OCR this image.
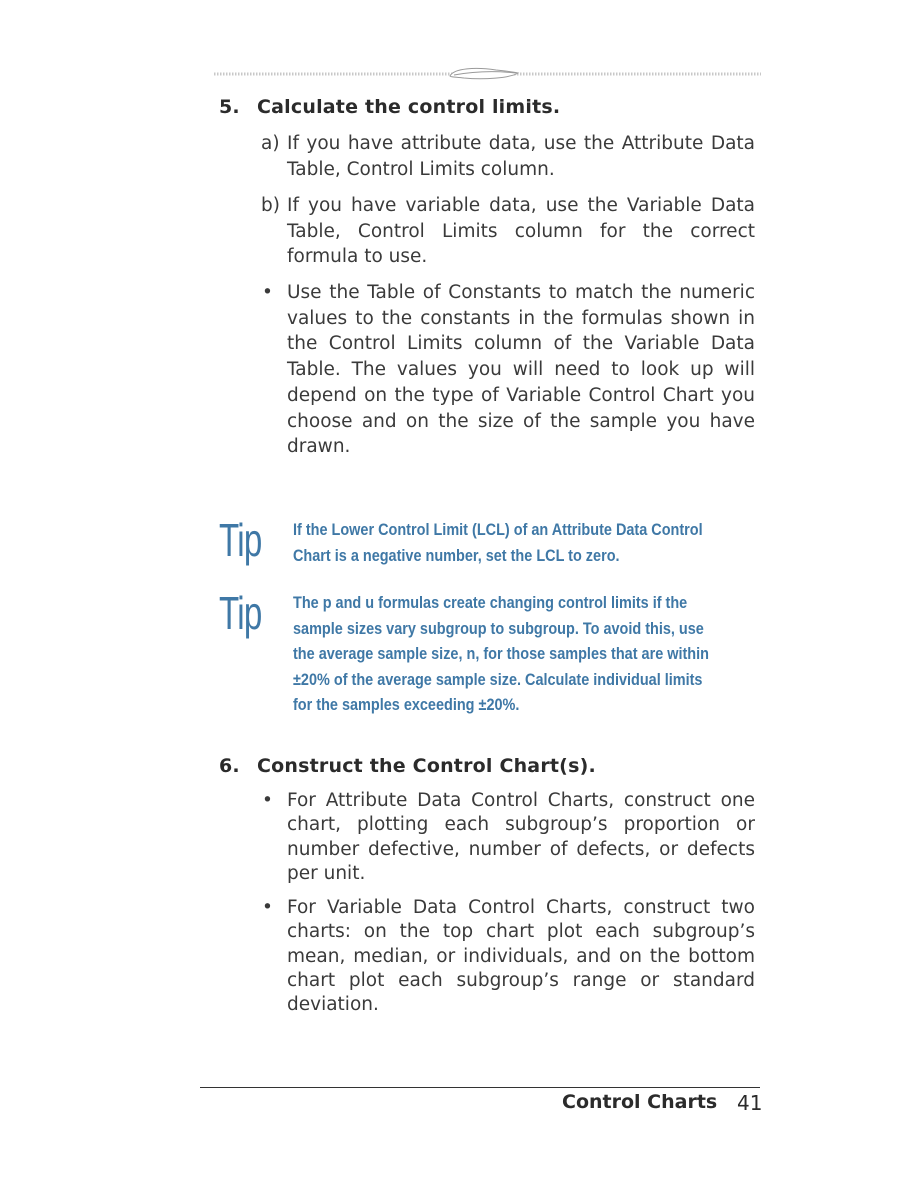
5. Calculate the control limits.
a) If you have attribute data, use the Attribute Data Table, Control Limits column.
b) If you have variable data, use the Variable Data Table, Control Limits column for the correct formula to use.
• Use the Table of Constants to match the numeric values to the constants in the formulas shown in the Control Limits column of the Variable Data Table. The values you will need to look up will depend on the type of Variable Control Chart you choose and on the size of the sample you have drawn.
Tip If the Lower Control Limit (LCL) of an Attribute Data Control
Chart is a negative number, set the LCL to zero.
Tip The p and u formulas create changing control limits if the
sample sizes vary subgroup to subgroup. To avoid this, use
the average sample size, n, for those samples that are within
±20% of the average sample size. Calculate individual limits
for the samples exceeding ±20%.
6. Construct the Control Chart(s).
• For Attribute Data Control Charts, construct one chart, plotting each subgroup’s proportion or number defective, number of defects, or defects per unit.
• For Variable Data Control Charts, construct two charts: on the top chart plot each subgroup’s mean, median, or individuals, and on the bottom chart plot each subgroup’s range or standard deviation.
Control Charts 41
